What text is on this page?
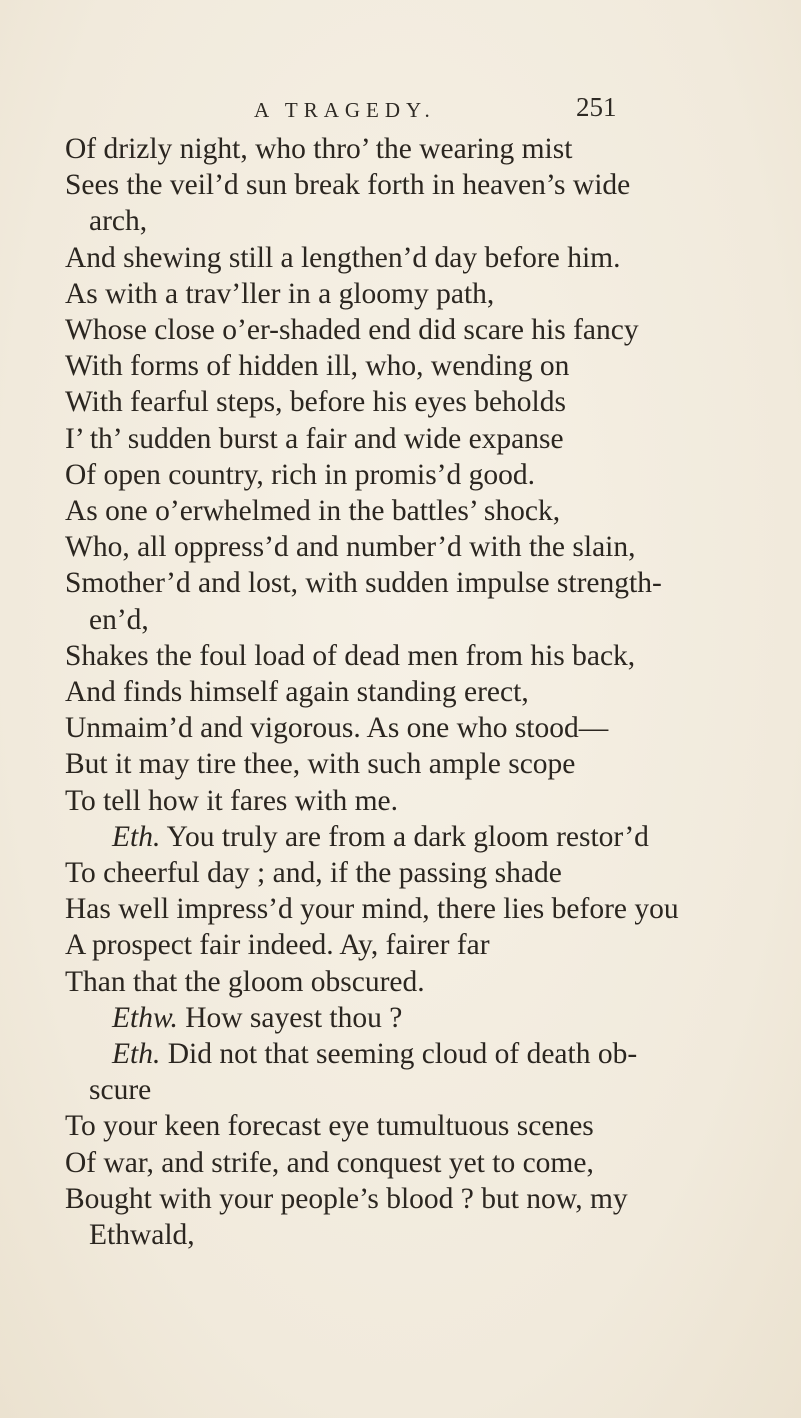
A TRAGEDY.	251
Of drizly night, who thro’ the wearing mist
Sees the veil’d sun break forth in heaven’s wide
arch,
And shewing still a lengthen’d day before him.
As with a trav’ller in a gloomy path,
Whose close o’er-shaded end did scare his fancy
With forms of hidden ill, who, wending on
With fearful steps, before his eyes beholds
I’ th’ sudden burst a fair and wide expanse
Of open country, rich in promis’d good.
As one o’erwhelmed in the battles’ shock,
Who, all oppress’d and number’d with the slain,
Smother’d and lost, with sudden impulse strength-
en’d,
Shakes the foul load of dead men from his back,
And finds himself again standing erect,
Unmaim’d and vigorous. As one who stood—
But it may tire thee, with such ample scope
To tell how it fares with me.
Eth. You truly are from a dark gloom restor’d
To cheerful day ; and, if the passing shade
Has well impress’d your mind, there lies before you
A prospect fair indeed. Ay, fairer far
Than that the gloom obscured.
Ethw. How sayest thou ?
Eth. Did not that seeming cloud of death ob-
scure
To your keen forecast eye tumultuous scenes
Of war, and strife, and conquest yet to come,
Bought with your people’s blood ? but now, my
Ethwald,
